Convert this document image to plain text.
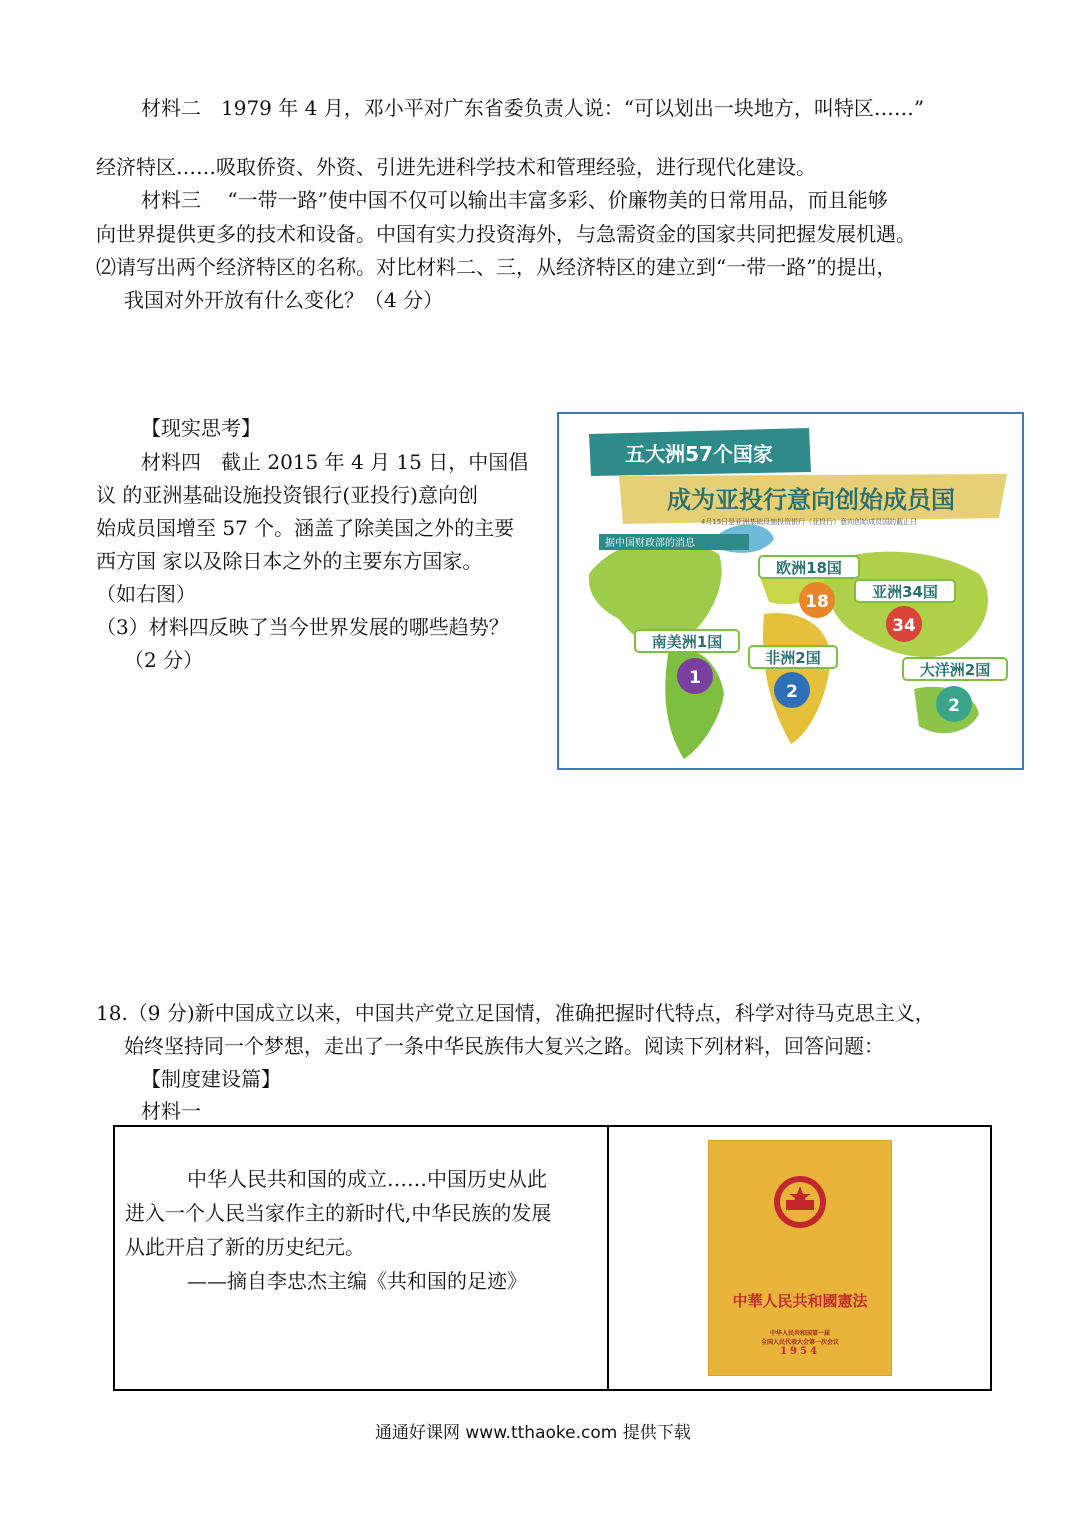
材料二　1979 年 4 月，邓小平对广东省委负责人说：“可以划出一块地方，叫特区……”
经济特区……吸取侨资、外资、引进先进科学技术和管理经验，进行现代化建设。
材料三　 “一带一路”使中国不仅可以输出丰富多彩、价廉物美的日常用品，而且能够
向世界提供更多的技术和设备。中国有实力投资海外，与急需资金的国家共同把握发展机遇。
⑵请写出两个经济特区的名称。对比材料二、三，从经济特区的建立到“一带一路”的提出，
我国对外开放有什么变化？（4 分）
【现实思考】
材料四　截止 2015 年 4 月 15 日，中国倡
议 的亚洲基础设施投资银行(亚投行)意向创
始成员国增至 57 个。涵盖了除美国之外的主要
西方国 家以及除日本之外的主要东方国家。
（如右图）
（3）材料四反映了当今世界发展的哪些趋势？
（2 分）
五大洲57个国家
成为亚投行意向创始成员国
4月15日是亚洲基础设施投资银行（亚投行）意向创始成员国的截止日
据中国财政部的消息
欧洲18国
18	亚洲34国
34
南美洲1国
1
非洲2国
2
大洋洲2国
2
18.（9 分)新中国成立以来，中国共产党立足国情，准确把握时代特点，科学对待马克思主义，
始终坚持同一个梦想，走出了一条中华民族伟大复兴之路。阅读下列材料，回答问题：
【制度建设篇】
材料一
中华人民共和国的成立……中国历史从此
进入一个人民当家作主的新时代,中华民族的发展
从此开启了新的历史纪元。
——摘自李忠杰主编《共和国的足迹》
中華人民共和國憲法
中华人民共和国第一届
全国人民代表大会第一次会议
1954
通通好课网 www.tthaoke.com 提供下载
